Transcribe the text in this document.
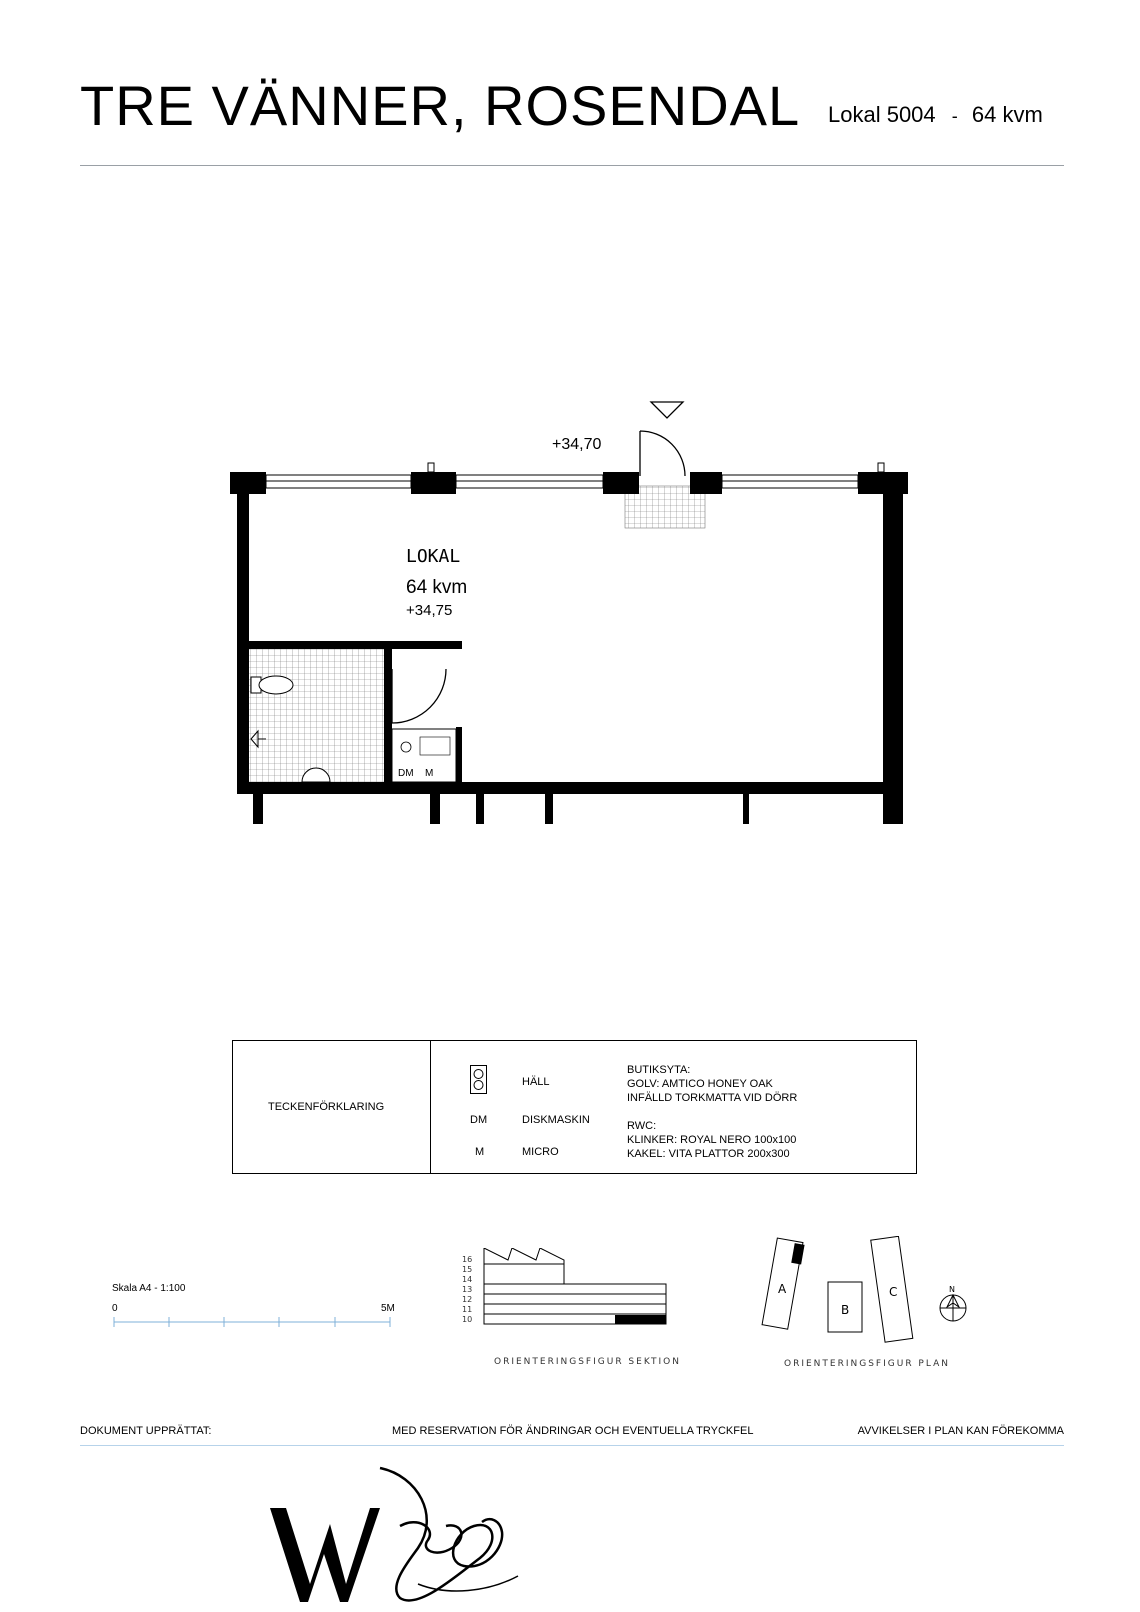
TRE VÄNNER, ROSENDAL Lokal 5004 - 64 kvm
+34,70
LOKAL
64 kvm
+34,75
DM M
TECKENFÖRKLARING
HÄLL
DM	DISKMASKIN
M	MICRO
BUTIKSYTA:
GOLV: AMTICO HONEY OAK
INFÄLLD TORKMATTA VID DÖRR
RWC:
KLINKER: ROYAL NERO 100x100
KAKEL: VITA PLATTOR 200x300
Skala A4 - 1:100
0	5M
16
15
14
13
12
11
10
ORIENTERINGSFIGUR SEKTION
A
B
C	N
ORIENTERINGSFIGUR PLAN
DOKUMENT UPPRÄTTAT:	MED RESERVATION FÖR ÄNDRINGAR OCH EVENTUELLA TRYCKFEL	AVVIKELSER I PLAN KAN FÖREKOMMA
